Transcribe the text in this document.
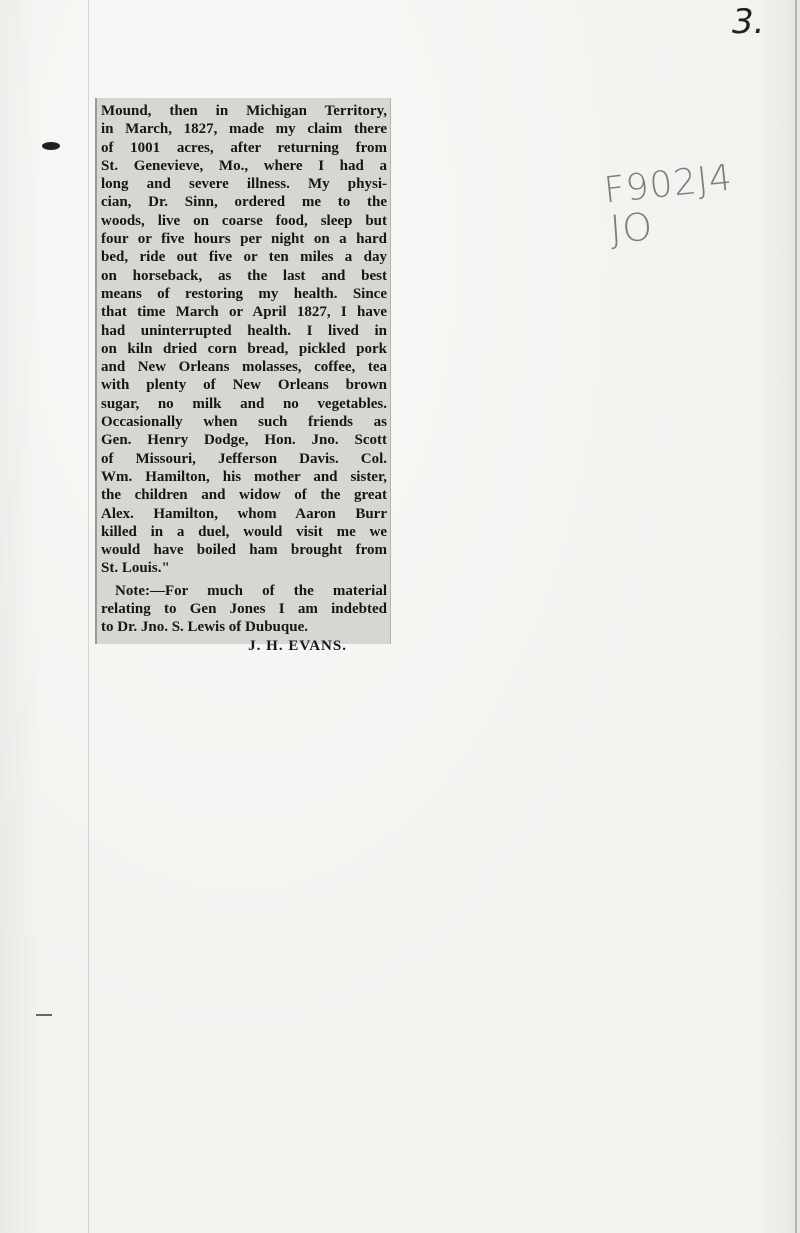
3.
F902J4
JO

Mound, then in Michigan Territory,
in March, 1827, made my claim there
of 1001 acres, after returning from
St. Genevieve, Mo., where I had a
long and severe illness. My physi-
cian, Dr. Sinn, ordered me to the
woods, live on coarse food, sleep but
four or five hours per night on a hard
bed, ride out five or ten miles a day
on horseback, as the last and best
means of restoring my health. Since
that time March or April 1827, I have
had uninterrupted health. I lived in
on kiln dried corn bread, pickled pork
and New Orleans molasses, coffee, tea
with plenty of New Orleans brown
sugar, no milk and no vegetables.
Occasionally when such friends as
Gen. Henry Dodge, Hon. Jno. Scott
of Missouri, Jefferson Davis. Col.
Wm. Hamilton, his mother and sister,
the children and widow of the great
Alex. Hamilton, whom Aaron Burr
killed in a duel, would visit me we
would have boiled ham brought from
St. Louis."

Note:—For much of the material
relating to Gen Jones I am indebted
to Dr. Jno. S. Lewis of Dubuque.

J. H. EVANS.
